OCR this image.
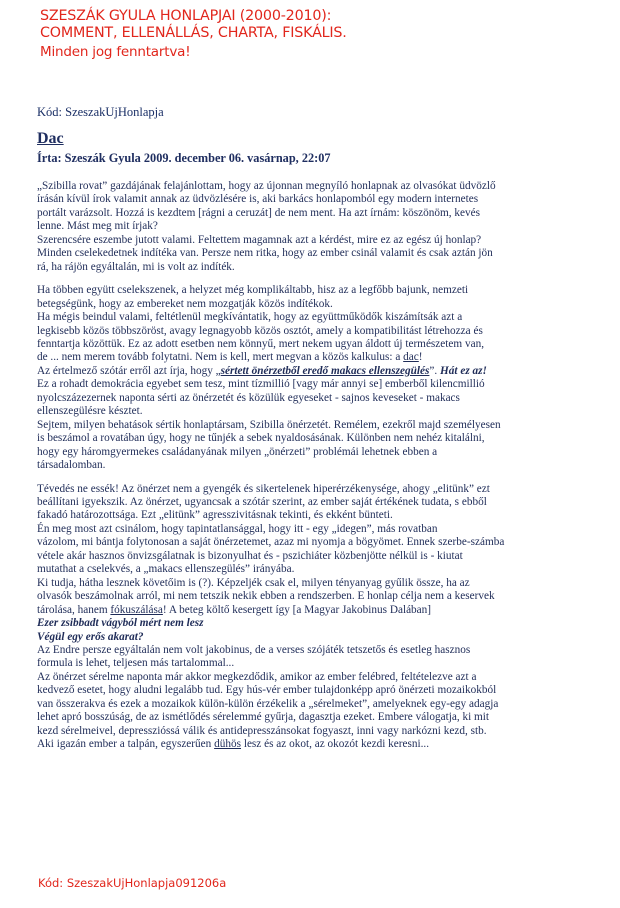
SZESZÁK GYULA HONLAPJAI (2000-2010):
COMMENT, ELLENÁLLÁS, CHARTA, FISKÁLIS.
Minden jog fenntartva!
Kód: SzeszakUjHonlapja
Dac
Írta: Szeszák Gyula 2009. december 06. vasárnap, 22:07

„Szibilla rovat” gazdájának felajánlottam, hogy az újonnan megnyíló honlapnak az olvasókat üdvözlő
írásán kívül írok valamit annak az üdvözlésére is, aki barkács honlapomból egy modern internetes
portált varázsolt. Hozzá is kezdtem [rágni a ceruzát] de nem ment. Ha azt írnám: köszönöm, kevés
lenne. Mást meg mit írjak?

Szerencsére eszembe jutott valami. Feltettem magamnak azt a kérdést, mire ez az egész új honlap?
Minden cselekedetnek indítéka van. Persze nem ritka, hogy az ember csinál valamit és csak aztán jön
rá, ha rájön egyáltalán, mi is volt az indíték.

Ha többen együtt cselekszenek, a helyzet még komplikáltabb, hisz az a legfőbb bajunk, nemzeti
betegségünk, hogy az embereket nem mozgatják közös indítékok.

Ha mégis beindul valami, feltétlenül megkívántatik, hogy az együttműködők kiszámítsák azt a
legkisebb közös többszöröst, avagy legnagyobb közös osztót, amely a kompatibilitást létrehozza és
fenntartja közöttük. Ez az adott esetben nem könnyű, mert nekem ugyan áldott új természetem van,
de ... nem merem tovább folytatni. Nem is kell, mert megvan a közös kalkulus: a dac!

Az értelmező szótár erről azt írja, hogy „sértett önérzetből eredő makacs ellenszegülés”. Hát ez az!

Ez a rohadt demokrácia egyebet sem tesz, mint tízmillió [vagy már annyi se] emberből kilencmillió
nyolcszázezernek naponta sérti az önérzetét és közülük egyeseket - sajnos keveseket - makacs
ellenszegülésre késztet.

Sejtem, milyen behatások sértik honlaptársam, Szibilla önérzetét. Remélem, ezekről majd személyesen
is beszámol a rovatában úgy, hogy ne tűnjék a sebek nyaldosásának. Különben nem nehéz kitalálni,
hogy egy háromgyermekes családanyának milyen „önérzeti” problémái lehetnek ebben a
társadalomban.

Tévedés ne essék! Az önérzet nem a gyengék és sikertelenek hiperérzékenysége, ahogy „elitünk” ezt
beállítani igyekszik. Az önérzet, ugyancsak a szótár szerint, az ember saját értékének tudata, s ebből
fakadó határozottsága. Ezt „elitünk” agresszivitásnak tekinti, és ekként bünteti.

Én meg most azt csinálom, hogy tapintatlansággal, hogy itt - egy „idegen”, más rovatban
vázolom, mi bántja folytonosan a saját önérzetemet, azaz mi nyomja a bögyömet. Ennek szerbe-számba
vétele akár hasznos önvizsgálatnak is bizonyulhat és - pszichiáter közbenjötte nélkül is - kiutat
mutathat a cselekvés, a „makacs ellenszegülés” irányába.

Ki tudja, hátha lesznek követőim is (?). Képzeljék csak el, milyen tényanyag gyűlik össze, ha az
olvasók beszámolnak arról, mi nem tetszik nekik ebben a rendszerben. E honlap célja nem a keservek
tárolása, hanem fókuszálása! A beteg költő kesergett így [a Magyar Jakobinus Dalában]

Ezer zsibbadt vágyból mért nem lesz

Végül egy erős akarat?

Az Endre persze egyáltalán nem volt jakobinus, de a verses szójáték tetszetős és esetleg hasznos
formula is lehet, teljesen más tartalommal...

Az önérzet sérelme naponta már akkor megkezdődik, amikor az ember felébred, feltételezve azt a
kedvező esetet, hogy aludni legalább tud. Egy hús-vér ember tulajdonképp apró önérzeti mozaikokból
van összerakva és ezek a mozaikok külön-külön érzékelik a „sérelmeket”, amelyeknek egy-egy adagja
lehet apró bosszúság, de az ismétlődés sérelemmé gyűrja, dagasztja ezeket. Embere válogatja, ki mit
kezd sérelmeivel, depresszióssá válik és antidepresszánsokat fogyaszt, inni vagy narkózni kezd, stb.
Aki igazán ember a talpán, egyszerűen dühös lesz és az okot, az okozót kezdi keresni...

Kód: SzeszakUjHonlapja091206a
